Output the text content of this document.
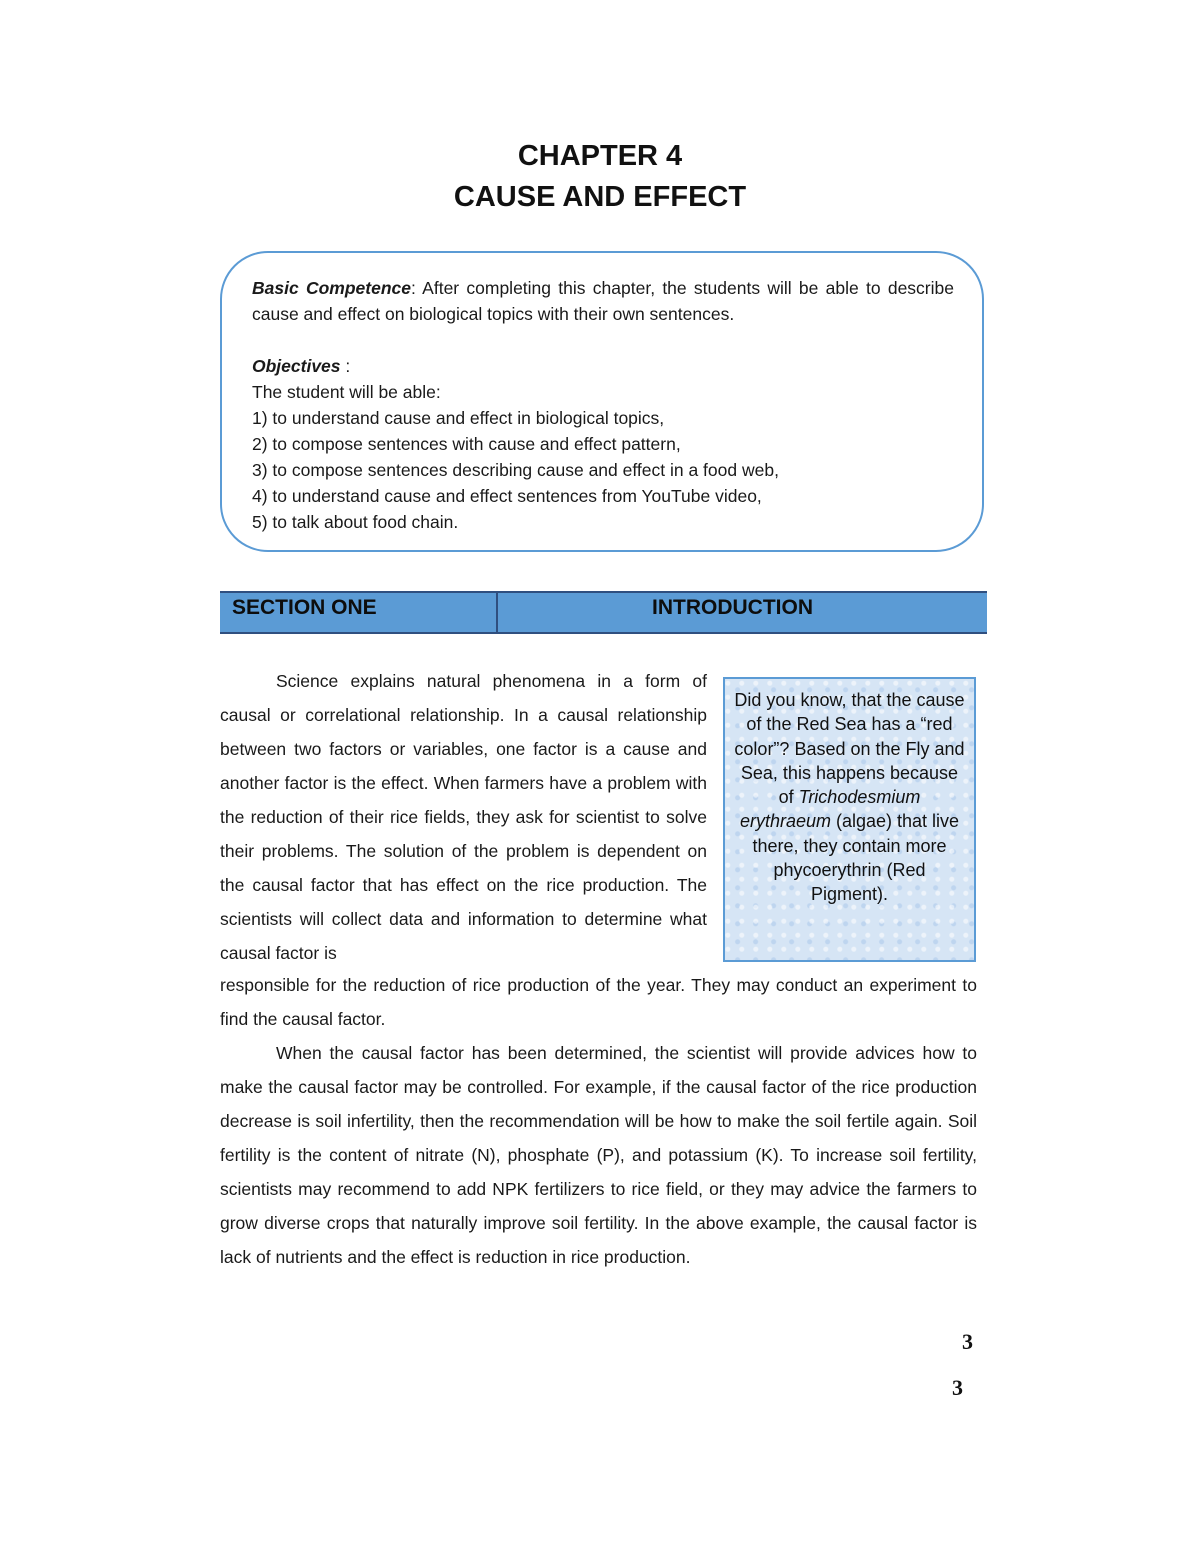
CHAPTER 4
CAUSE AND EFFECT

Basic Competence: After completing this chapter, the students will be able to describe cause and effect on biological topics with their own sentences.

Objectives :

The student will be able:

1) to understand cause and effect in biological topics,

2) to compose sentences with cause and effect pattern,

3) to compose sentences describing cause and effect in a food web,

4) to understand cause and effect sentences from YouTube video,

5) to talk about food chain.

SECTION ONE	INTRODUCTION

Science explains natural phenomena in a form of causal or correlational relationship. In a causal relationship between two factors or variables, one factor is a cause and another factor is the effect. When farmers have a problem with the reduction of their rice fields, they ask for scientist to solve their problems. The solution of the problem is dependent on the causal factor that has effect on the rice production. The scientists will collect data and information to determine what causal factor is

Did you know, that the cause of the Red Sea has a “red color”? Based on the Fly and Sea, this happens because of Trichodesmium erythraeum (algae) that live there, they contain more phycoerythrin (Red Pigment).

responsible for the reduction of rice production of the year. They may conduct an experiment to find the causal factor.

When the causal factor has been determined, the scientist will provide advices how to make the causal factor may be controlled. For example, if the causal factor of the rice production decrease is soil infertility, then the recommendation will be how to make the soil fertile again. Soil fertility is the content of nitrate (N), phosphate (P), and potassium (K). To increase soil fertility, scientists may recommend to add NPK fertilizers to rice field, or they may advice the farmers to grow diverse crops that naturally improve soil fertility. In the above example, the causal factor is lack of nutrients and the effect is reduction in rice production.

3
3
